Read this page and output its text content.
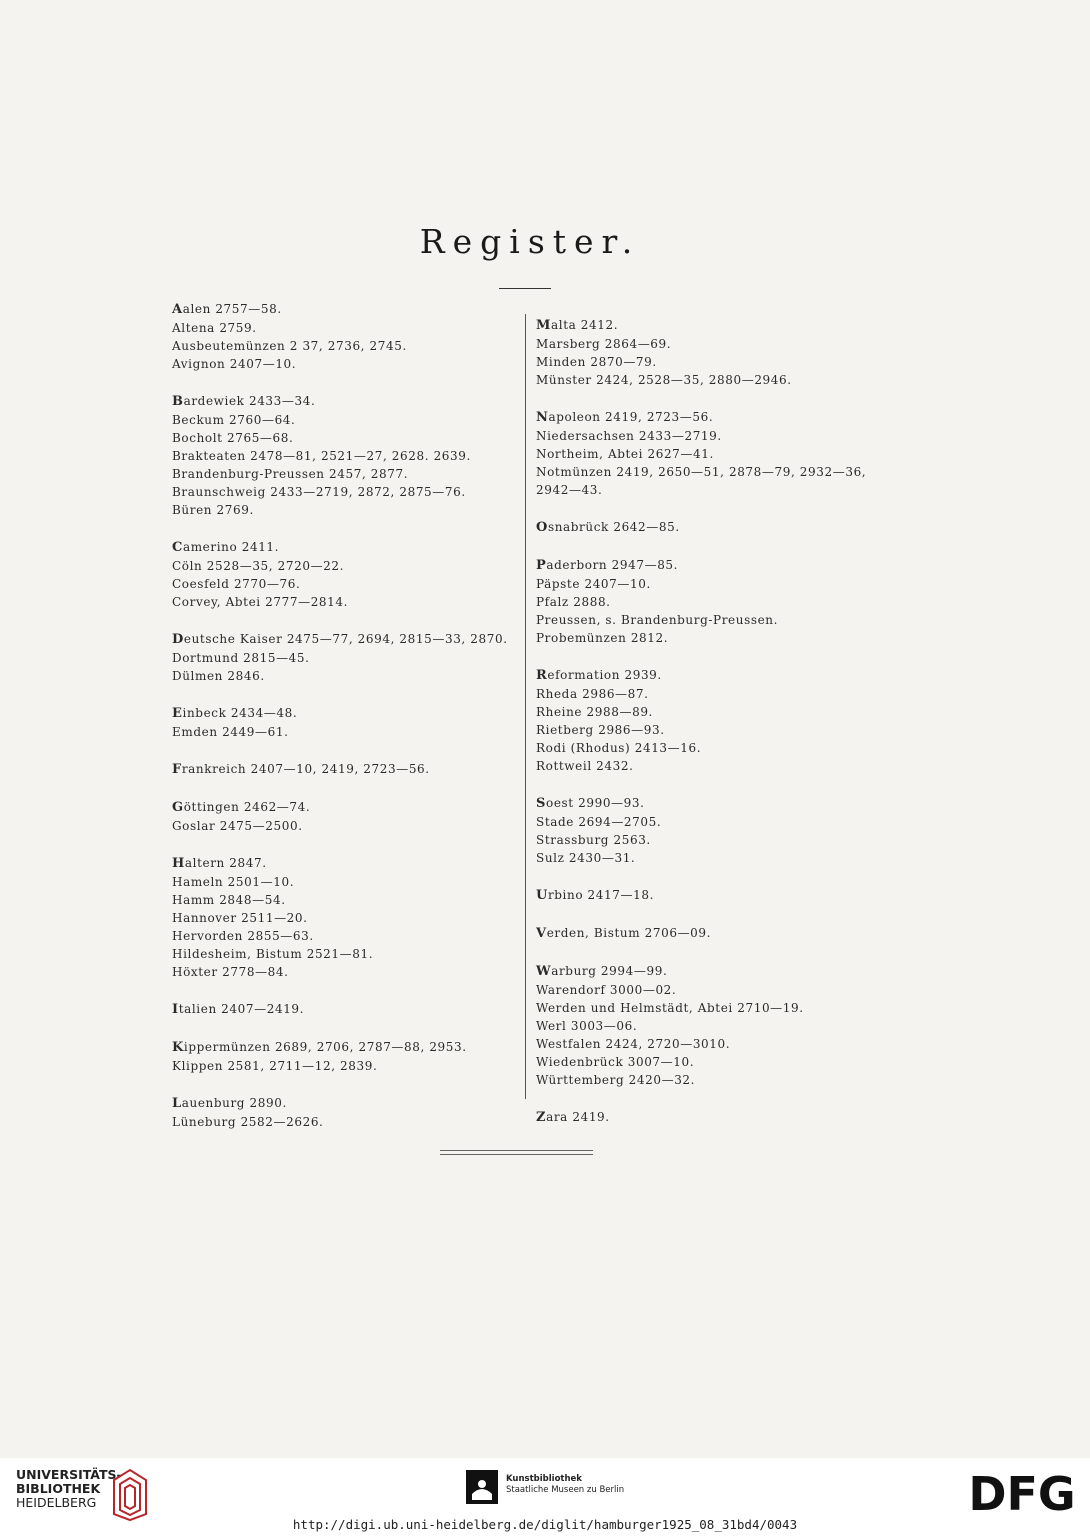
Register.
Aalen 2757—58.
Altena 2759.
Ausbeutemünzen 2 37, 2736, 2745.
Avignon 2407—10.
Bardewiek 2433—34.
Beckum 2760—64.
Bocholt 2765—68.
Brakteaten 2478—81, 2521—27, 2628. 2639.
Brandenburg-Preussen 2457, 2877.
Braunschweig 2433—2719, 2872, 2875—76.
Büren 2769.
Camerino 2411.
Cöln 2528—35, 2720—22.
Coesfeld 2770—76.
Corvey, Abtei 2777—2814.
Deutsche Kaiser 2475—77, 2694, 2815—33, 2870.
Dortmund 2815—45.
Dülmen 2846.
Einbeck 2434—48.
Emden 2449—61.
Frankreich 2407—10, 2419, 2723—56.
Göttingen 2462—74.
Goslar 2475—2500.
Haltern 2847.
Hameln 2501—10.
Hamm 2848—54.
Hannover 2511—20.
Hervorden 2855—63.
Hildesheim, Bistum 2521—81.
Höxter 2778—84.
Italien 2407—2419.
Kippermünzen 2689, 2706, 2787—88, 2953.
Klippen 2581, 2711—12, 2839.
Lauenburg 2890.
Lüneburg 2582—2626.
Malta 2412.
Marsberg 2864—69.
Minden 2870—79.
Münster 2424, 2528—35, 2880—2946.
Napoleon 2419, 2723—56.
Niedersachsen 2433—2719.
Northeim, Abtei 2627—41.
Notmünzen 2419, 2650—51, 2878—79, 2932—36, 2942—43.
Osnabrück 2642—85.
Paderborn 2947—85.
Päpste 2407—10.
Pfalz 2888.
Preussen, s. Brandenburg-Preussen.
Probemünzen 2812.
Reformation 2939.
Rheda 2986—87.
Rheine 2988—89.
Rietberg 2986—93.
Rodi (Rhodus) 2413—16.
Rottweil 2432.
Soest 2990—93.
Stade 2694—2705.
Strassburg 2563.
Sulz 2430—31.
Urbino 2417—18.
Verden, Bistum 2706—09.
Warburg 2994—99.
Warendorf 3000—02.
Werden und Helmstädt, Abtei 2710—19.
Werl 3003—06.
Westfalen 2424, 2720—3010.
Wiedenbrück 3007—10.
Württemberg 2420—32.
Zara 2419.
UNIVERSITÄTS-
BIBLIOTHEK
HEIDELBERG
Kunstbibliothek
Staatliche Museen zu Berlin	DFG
http://digi.ub.uni-heidelberg.de/diglit/hamburger1925_08_31bd4/0043
